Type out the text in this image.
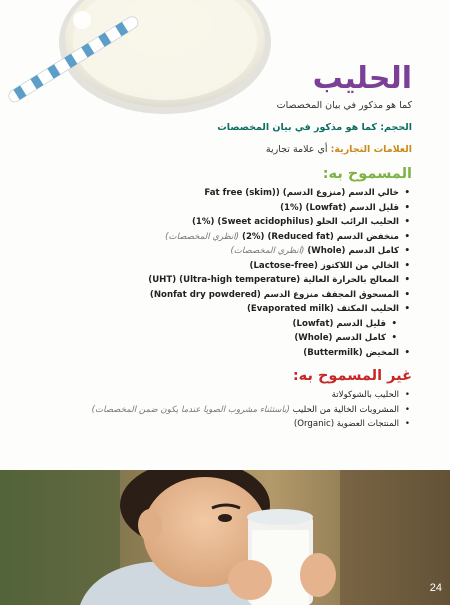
الحليب
كما هو مذكور في بيان المخصصات
الحجم: كما هو مذكور في بيان المخصصات
العلامات التجارية: أي علامة تجارية
المسموح به:
• خالي الدسم (منزوع الدسم) (Fat free (skim)
• قليل الدسم (Lowfat) (1%)
• الحليب الرائب الحلو (Sweet acidophilus) (1%)
• منخفض الدسم (Reduced fat) (2%) (انظري المخصصات)
• كامل الدسم (Whole) (انظري المخصصات)
• الخالي من اللاكتوز (Lactose-free)
• المعالج بالحرارة العالية (Ultra-high temperature) (UHT)
• المسحوق المجفف منزوع الدسم (Nonfat dry powdered)
• الحليب المكثف (Evaporated milk)
• قليل الدسم (Lowfat)
• كامل الدسم (Whole)
• المخيض (Buttermilk)
غير المسموح به:
• الحليب بالشوكولاتة
• المشروبات الخالية من الحليب (باستثناء مشروب الصويا عندما يكون ضمن المخصصات)
• المنتجات العضوية (Organic)
24
